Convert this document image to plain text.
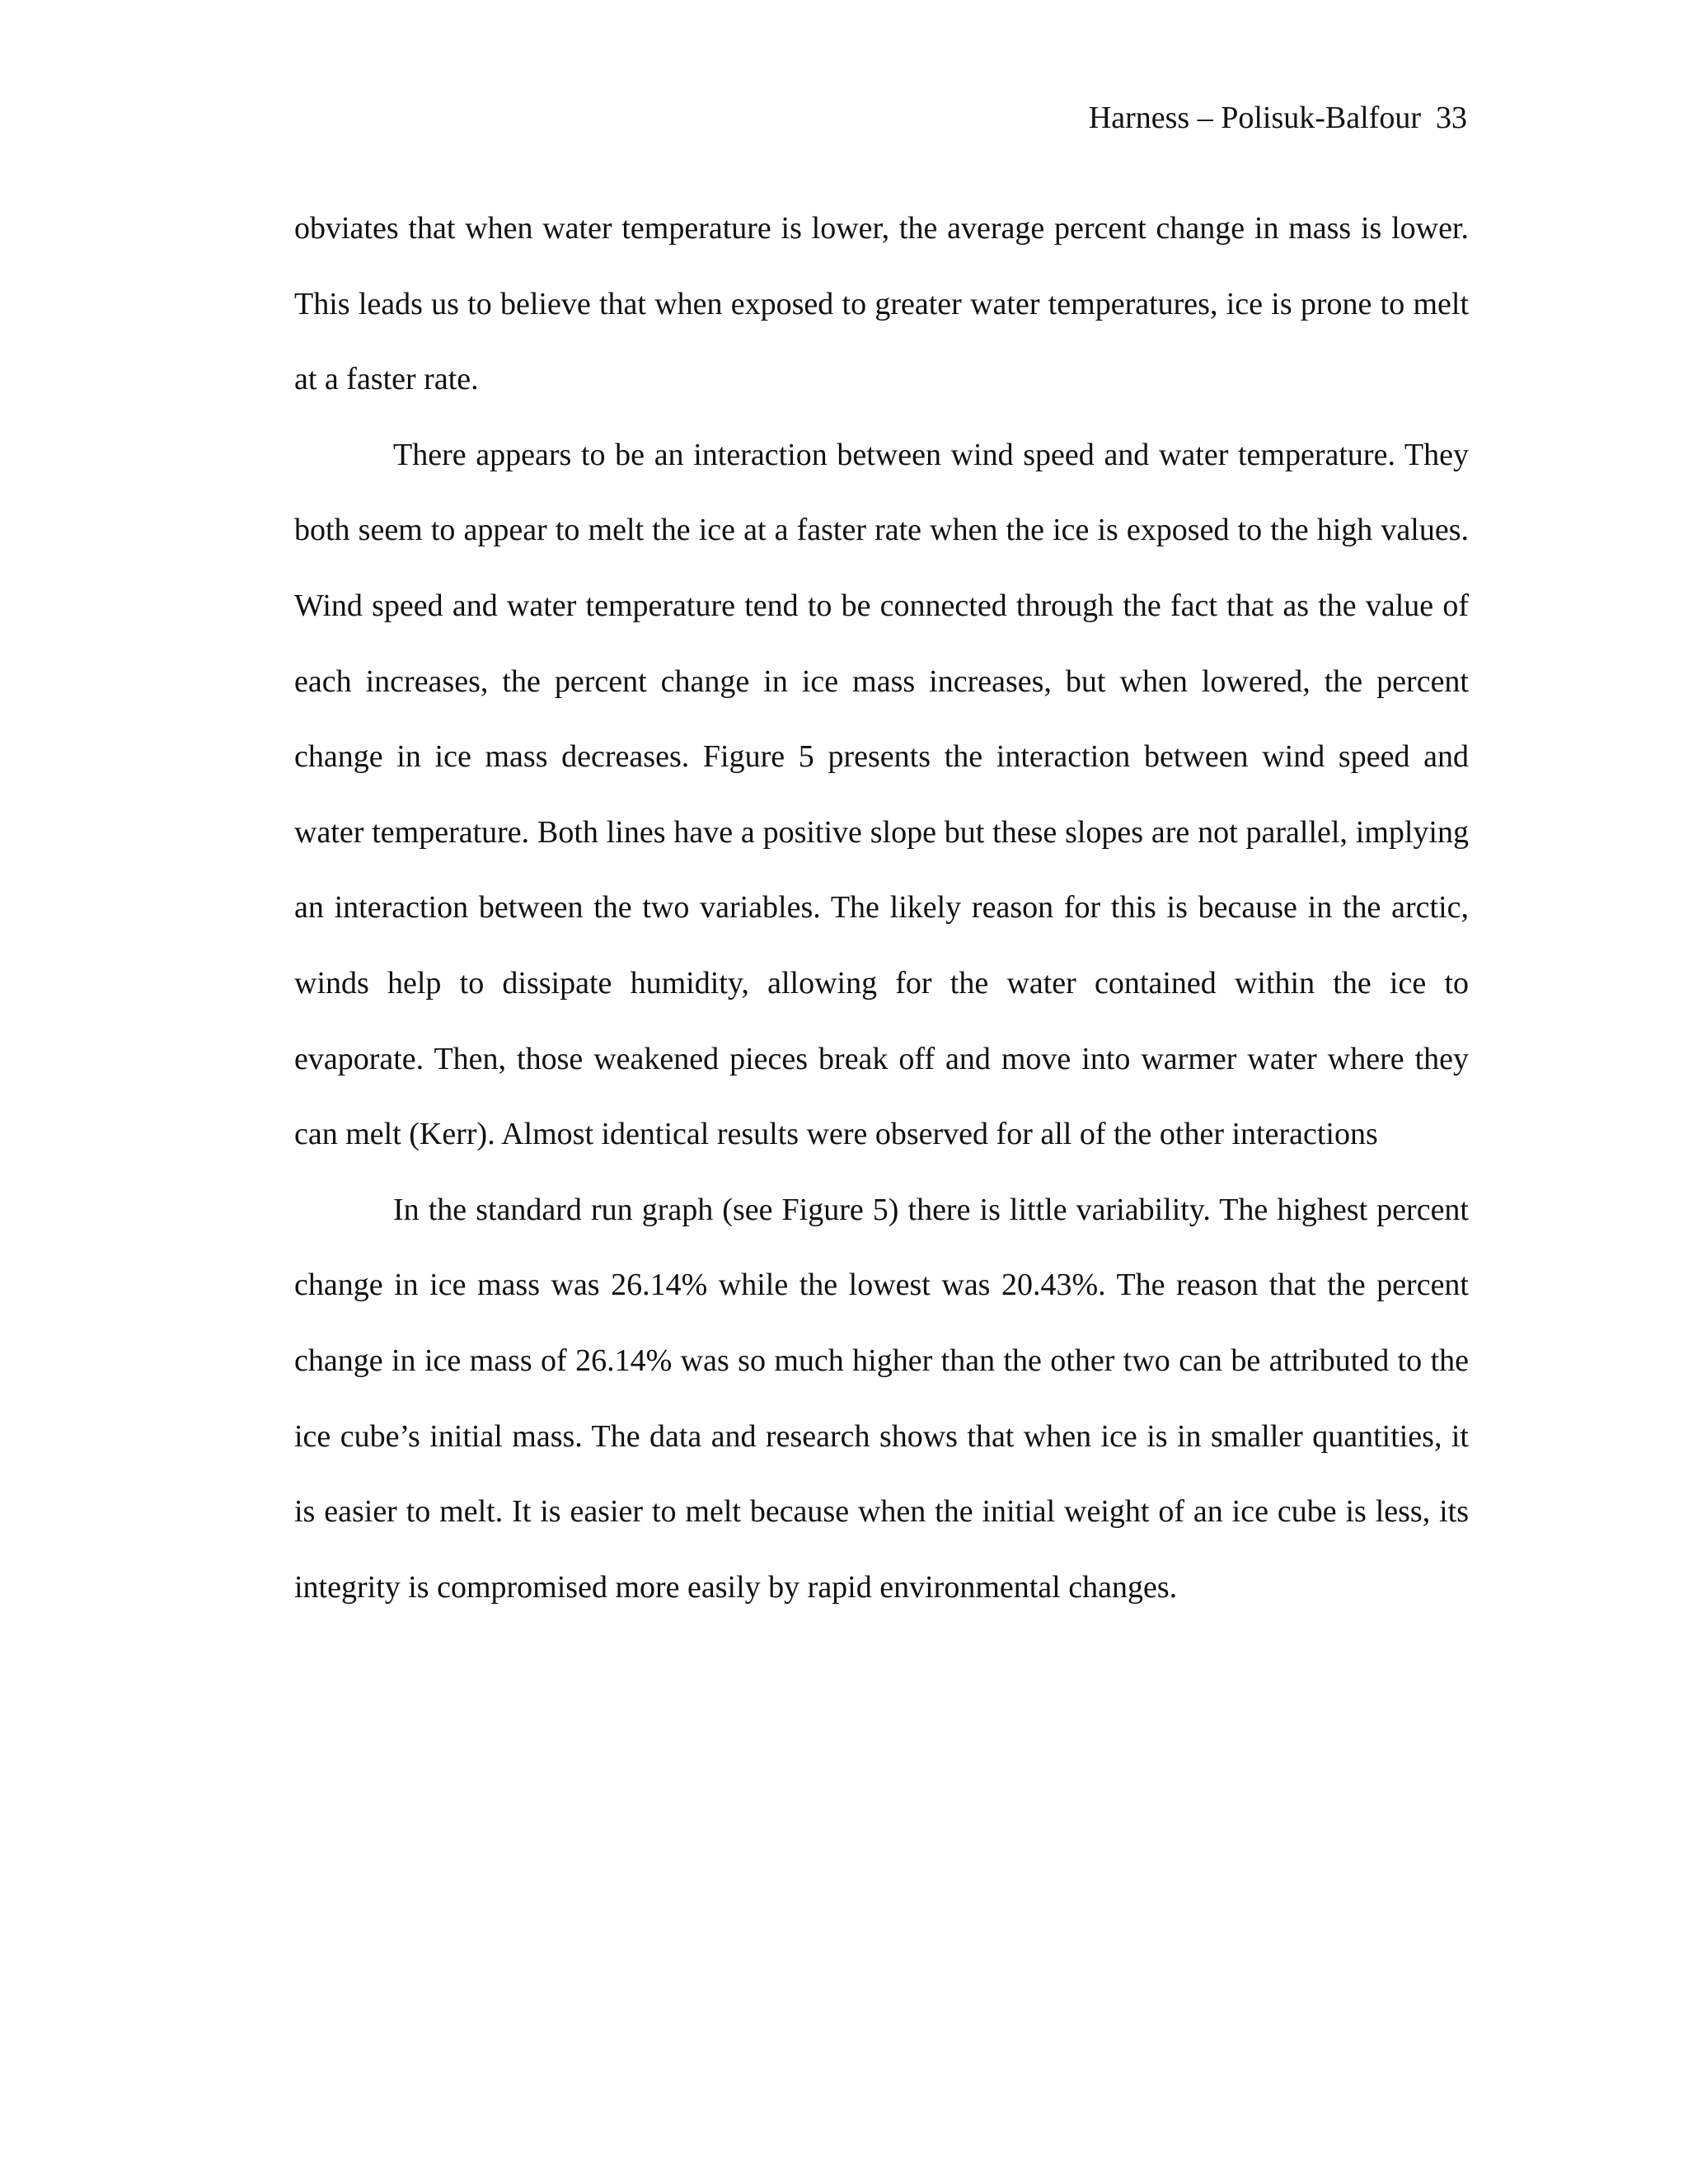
Harness – Polisuk-Balfour 33

obviates that when water temperature is lower, the average percent change in mass is lower. This leads us to believe that when exposed to greater water temperatures, ice is prone to melt at a faster rate.

There appears to be an interaction between wind speed and water temperature. They both seem to appear to melt the ice at a faster rate when the ice is exposed to the high values. Wind speed and water temperature tend to be connected through the fact that as the value of each increases, the percent change in ice mass increases, but when lowered, the percent change in ice mass decreases. Figure 5 presents the interaction between wind speed and water temperature. Both lines have a positive slope but these slopes are not parallel, implying an interaction between the two variables. The likely reason for this is because in the arctic, winds help to dissipate humidity, allowing for the water contained within the ice to evaporate. Then, those weakened pieces break off and move into warmer water where they can melt (Kerr). Almost identical results were observed for all of the other interactions

In the standard run graph (see Figure 5) there is little variability. The highest percent change in ice mass was 26.14% while the lowest was 20.43%. The reason that the percent change in ice mass of 26.14% was so much higher than the other two can be attributed to the ice cube’s initial mass. The data and research shows that when ice is in smaller quantities, it is easier to melt. It is easier to melt because when the initial weight of an ice cube is less, its integrity is compromised more easily by rapid environmental changes.
